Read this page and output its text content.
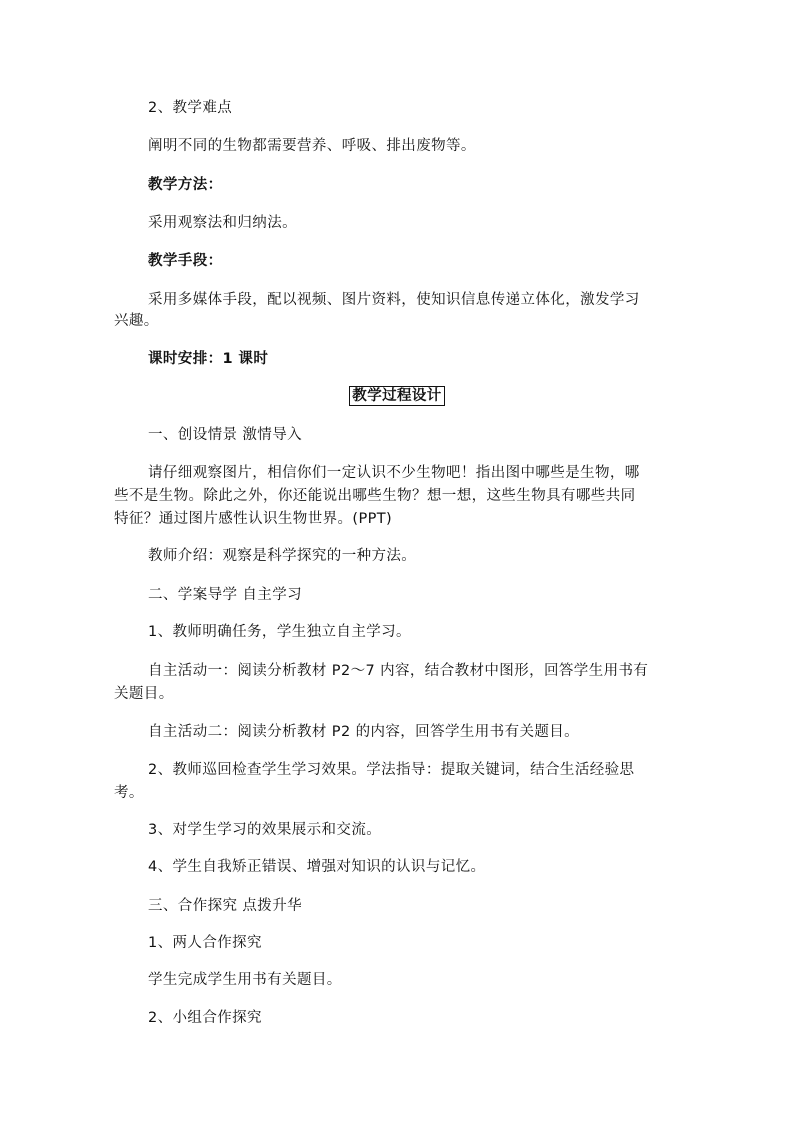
2、教学难点
阐明不同的生物都需要营养、呼吸、排出废物等。
教学方法：
采用观察法和归纳法。
教学手段：
采用多媒体手段，配以视频、图片资料，使知识信息传递立体化，激发学习
兴趣。
课时安排：1 课时
教学过程设计
一、创设情景 激情导入
请仔细观察图片，相信你们一定认识不少生物吧！指出图中哪些是生物，哪
些不是生物。除此之外，你还能说出哪些生物？想一想，这些生物具有哪些共同
特征？通过图片感性认识生物世界。(PPT)
教师介绍：观察是科学探究的一种方法。
二、学案导学 自主学习
1、教师明确任务，学生独立自主学习。
自主活动一：阅读分析教材 P2～7 内容，结合教材中图形，回答学生用书有
关题目。
自主活动二：阅读分析教材 P2 的内容，回答学生用书有关题目。
2、教师巡回检查学生学习效果。学法指导：提取关键词，结合生活经验思
考。
3、对学生学习的效果展示和交流。
4、学生自我矫正错误、增强对知识的认识与记忆。
三、合作探究 点拨升华
1、两人合作探究
学生完成学生用书有关题目。
2、小组合作探究
